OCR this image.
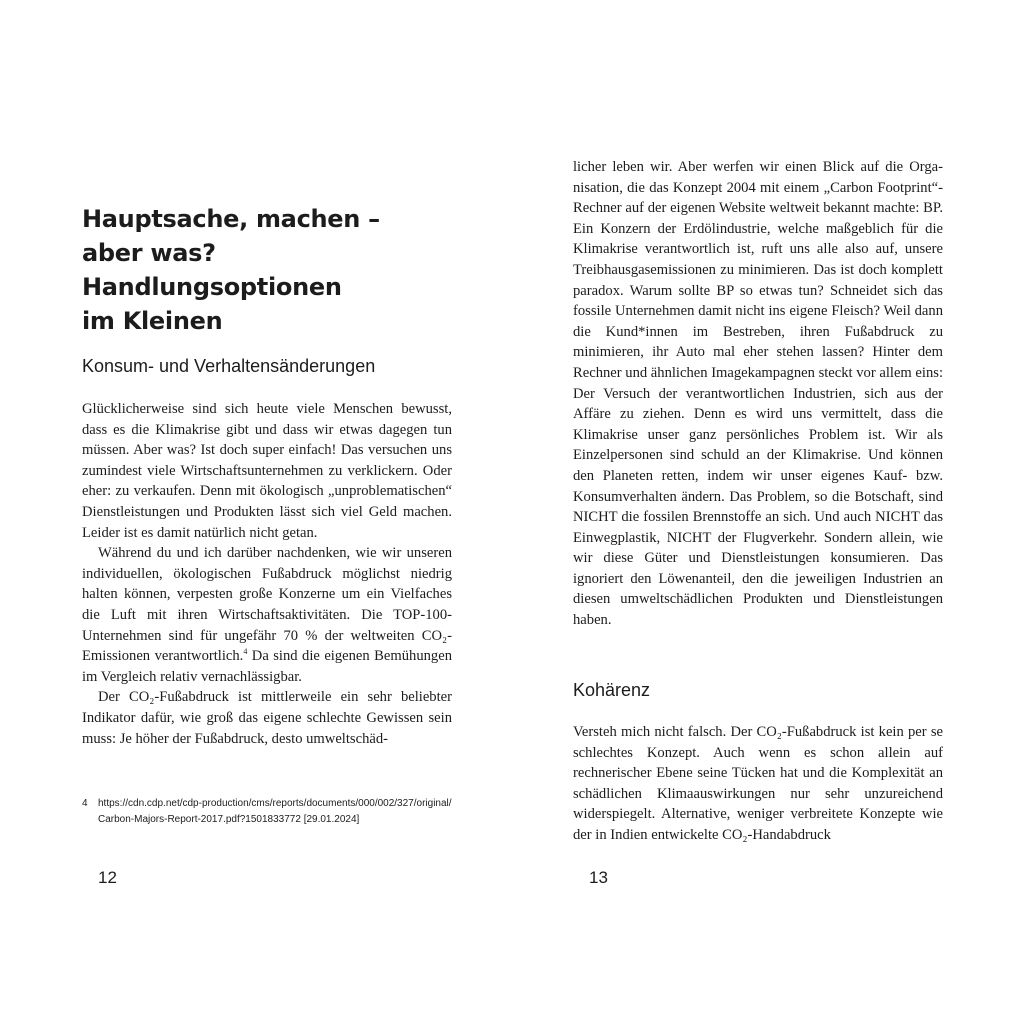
Hauptsache, machen –
aber was?
Handlungsoptionen
im Kleinen
Konsum- und Verhaltensänderungen

Glücklicherweise sind sich heute viele Menschen bewusst, dass es die Klimakrise gibt und dass wir etwas dagegen tun müssen. Aber was? Ist doch super einfach! Das versuchen uns zumindest viele Wirtschaftsunternehmen zu verklickern. Oder eher: zu verkaufen. Denn mit ökologisch „unproblematischen“ Dienstleistungen und Produkten lässt sich viel Geld machen. Leider ist es damit natürlich nicht getan.

Während du und ich darüber nachdenken, wie wir unseren individuellen, ökologischen Fußabdruck möglichst niedrig halten können, verpesten große Konzerne um ein Vielfaches die Luft mit ihren Wirtschaftsaktivitäten. Die TOP-100-Unternehmen sind für ungefähr 70 % der weltweiten CO₂-Emissionen verantwortlich.$^4$ Da sind die eigenen Bemühungen im Vergleich relativ vernachlässigbar.

Der CO₂-Fußabdruck ist mittlerweile ein sehr beliebter Indikator dafür, wie groß das eigene schlechte Gewissen sein muss: Je höher der Fußabdruck, desto umweltschäd-

4 https://cdn.cdp.net/cdp-production/cms/reports/documents/000/002/327/original/Carbon-Majors-Report-2017.pdf?1501833772 [29.01.2024]
12

licher leben wir. Aber werfen wir einen Blick auf die Organisation, die das Konzept 2004 mit einem „Carbon Footprint“-Rechner auf der eigenen Website weltweit bekannt machte: BP. Ein Konzern der Erdölindustrie, welche maßgeblich für die Klimakrise verantwortlich ist, ruft uns alle also auf, unsere Treibhausgasemissionen zu minimieren. Das ist doch komplett paradox. Warum sollte BP so etwas tun? Schneidet sich das fossile Unternehmen damit nicht ins eigene Fleisch? Weil dann die Kund*innen im Bestreben, ihren Fußabdruck zu minimieren, ihr Auto mal eher stehen lassen? Hinter dem Rechner und ähnlichen Imagekampagnen steckt vor allem eins: Der Versuch der verantwortlichen Industrien, sich aus der Affäre zu ziehen. Denn es wird uns vermittelt, dass die Klimakrise unser ganz persönliches Problem ist. Wir als Einzelpersonen sind schuld an der Klimakrise. Und können den Planeten retten, indem wir unser eigenes Kauf- bzw. Konsumverhalten ändern. Das Problem, so die Botschaft, sind NICHT die fossilen Brennstoffe an sich. Und auch NICHT das Einwegplastik, NICHT der Flugverkehr. Sondern allein, wie wir diese Güter und Dienstleistungen konsumieren. Das ignoriert den Löwenanteil, den die jeweiligen Industrien an diesen umweltschädlichen Produkten und Dienstleistungen haben.

Kohärenz

Versteh mich nicht falsch. Der CO₂-Fußabdruck ist kein per se schlechtes Konzept. Auch wenn es schon allein auf rechnerischer Ebene seine Tücken hat und die Komplexität an schädlichen Klimaauswirkungen nur sehr unzureichend widerspiegelt. Alternative, weniger verbreitete Konzepte wie der in Indien entwickelte CO₂-Handabdruck

13
